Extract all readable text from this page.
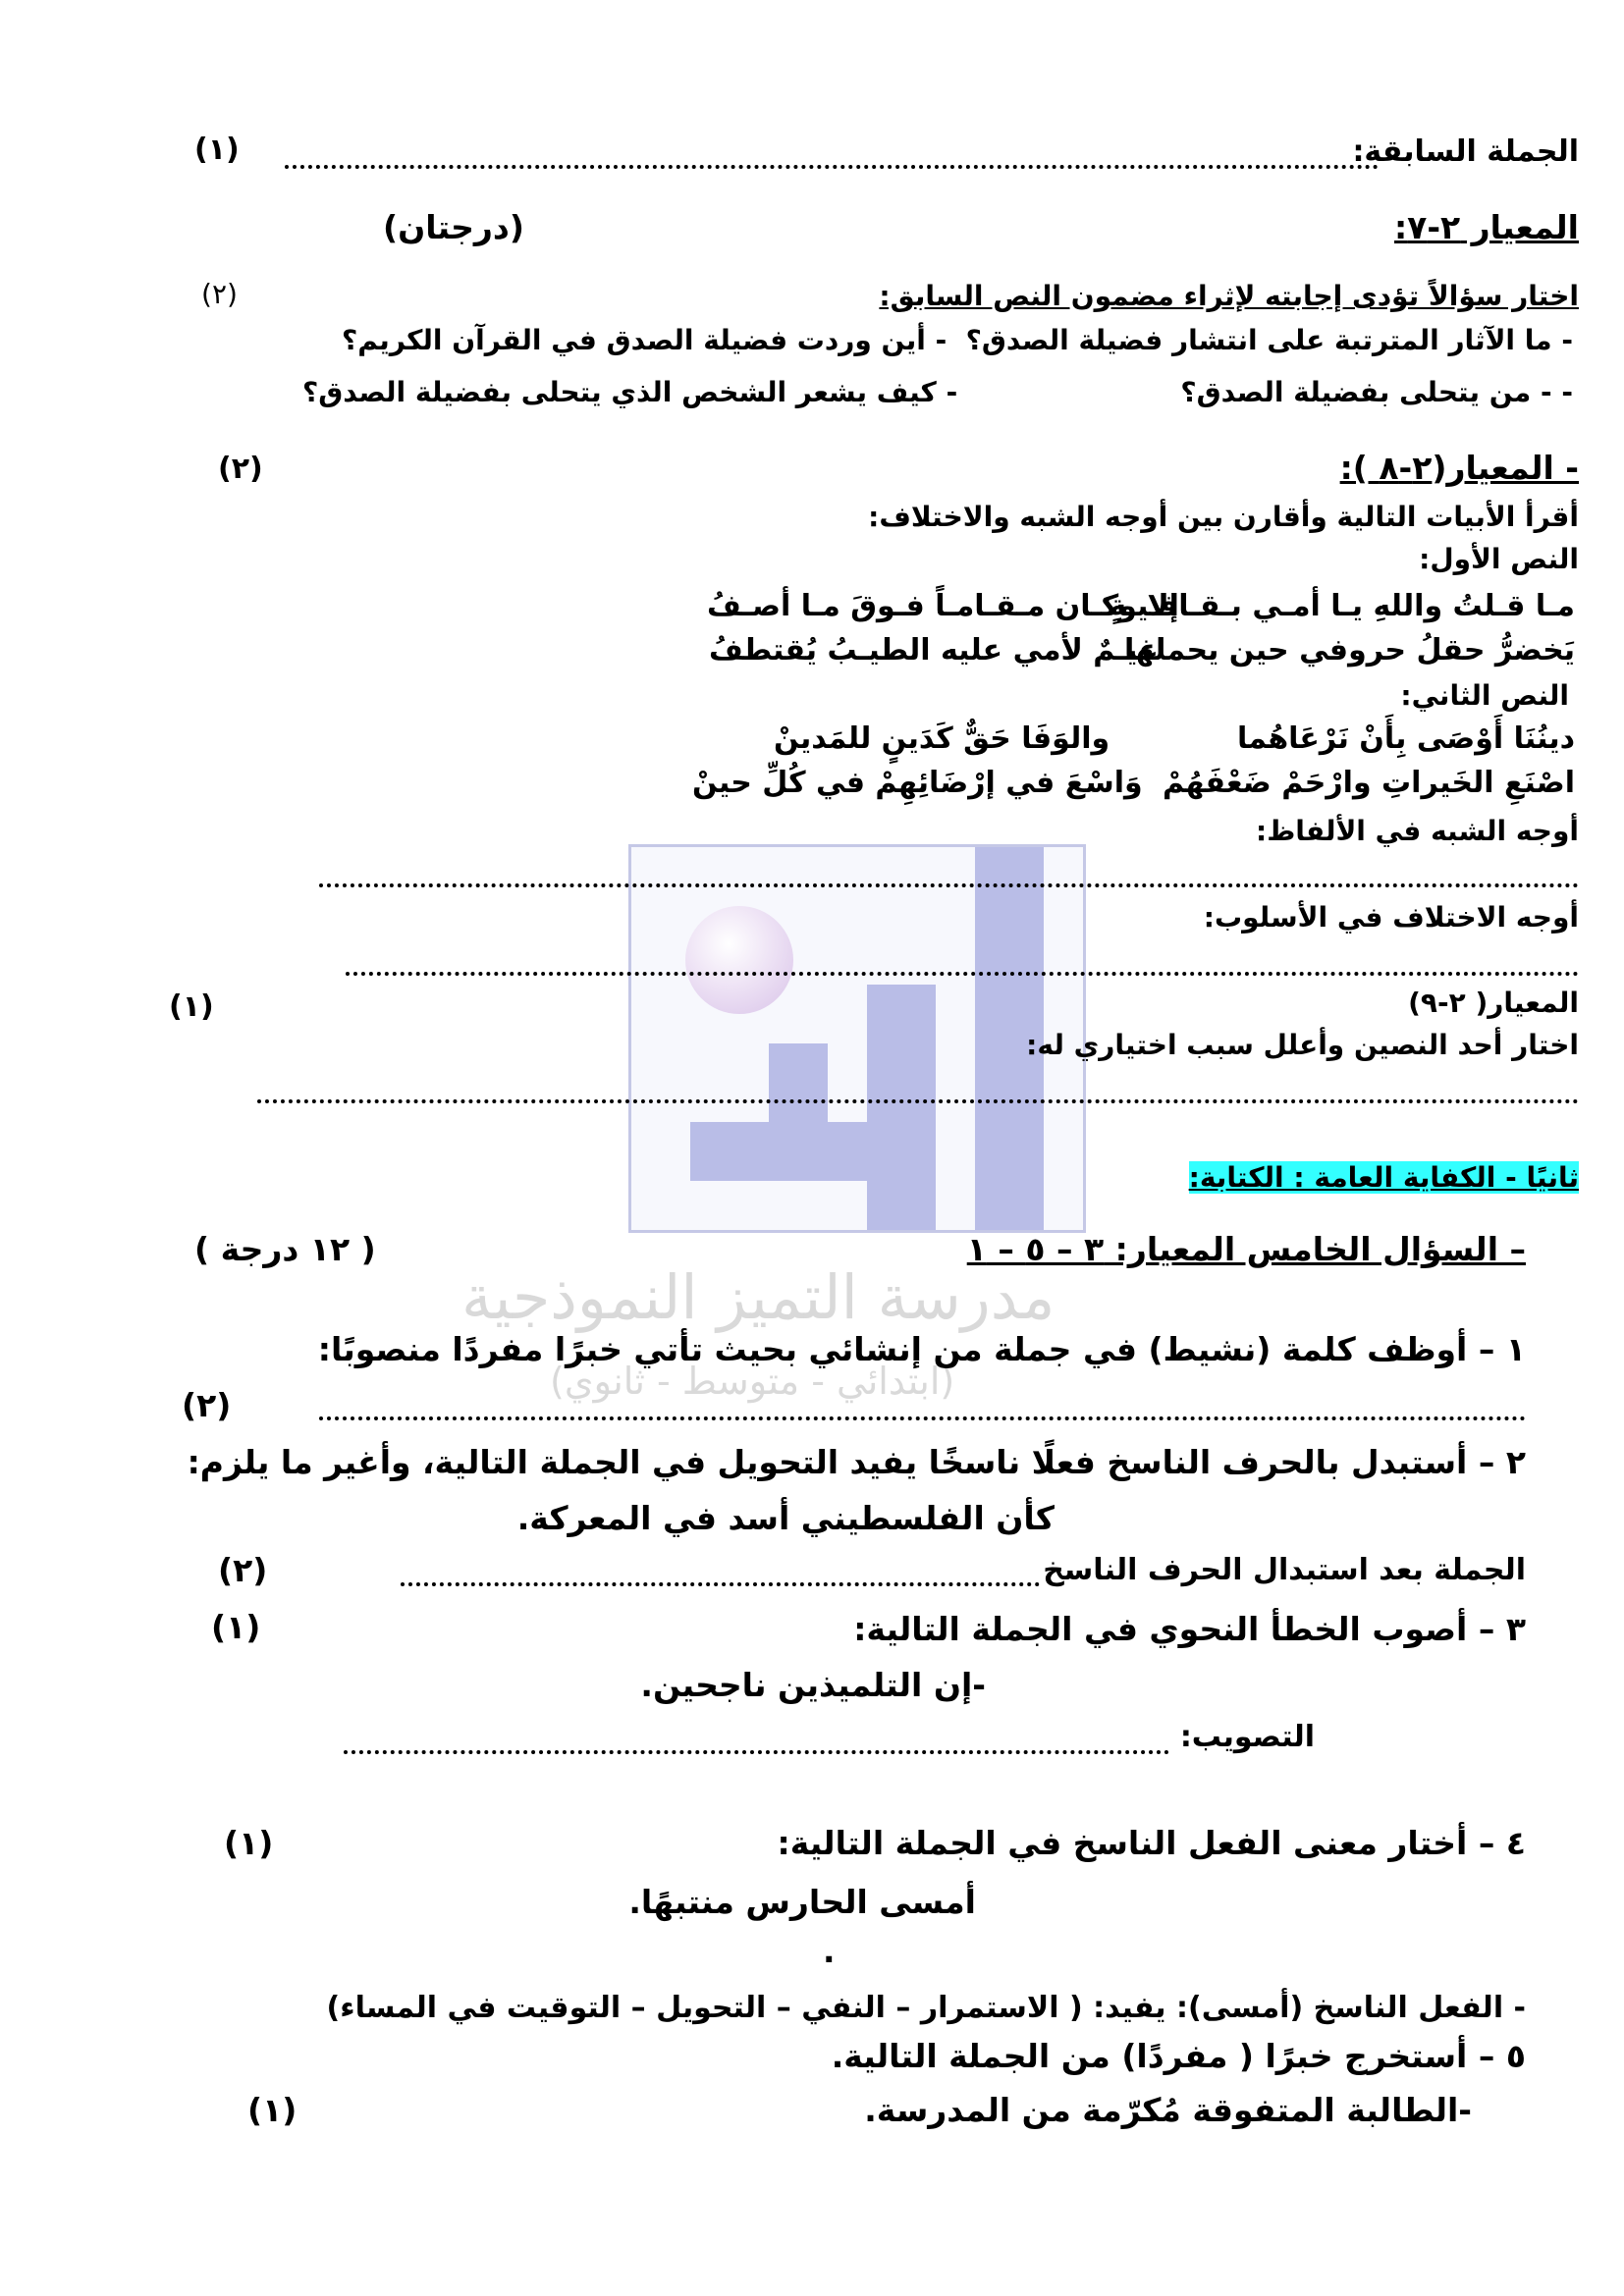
مدرسة التميز النموذجية
(ابتدائي - متوسط - ثانوي)
الجملة السابقة:
(١)
المعيار ٢-٧:
(درجتان)
اختار سؤالاً تؤدى إجابته لإثراء مضمون النص السابق:
(٢)
- ما الآثار المترتبة على انتشار فضيلة الصدق؟
- أين وردت فضيلة الصدق في القرآن الكريم؟
- - من يتحلى بفضيلة الصدق؟
- كيف يشعر الشخص الذي يتحلى بفضيلة الصدق؟
- المعيار(٢-٨ ):
(٢)
أقرأ الأبيات التالية وأقارن بين أوجه الشبه والاختلاف:
النص الأول:
مـا قـلتُ واللهِ يـا أمـي بـقـافـيـةٍ
إلا وكـان مـقـامـاً فـوقَ مـا أصـفُ
يَخضرُّ حقلُ حروفي حين يحملها
غيـمٌ لأمي عليه الطيـبُ يُقتطفُ
النص الثاني:
دينُنَا أَوْصَى بِأَنْ نَرْعَاهُما
والوَفَا حَقٌّ كَدَينٍ للمَدينْ
اصْنَعِ الخَيراتِ وارْحَمْ ضَعْفَهُمْ
وَاسْعَ في إرْضَائِهِمْ في كُلِّ حينْ
أوجه الشبه في الألفاظ:
أوجه الاختلاف في الأسلوب:
المعيار( ٢-٩)
(١)
اختار أحد النصين وأعلل سبب اختياري له:
ثانيًا - الكفاية العامة : الكتابة:
– السؤال الخامس المعيار: ٣ – ٥ – ١
( ١٢ درجة )
١ – أوظف كلمة (نشيط) في جملة من إنشائي بحيث تأتي خبرًا مفردًا منصوبًا:
(٢)
٢ – أستبدل بالحرف الناسخ فعلًا ناسخًا يفيد التحويل في الجملة التالية، وأغير ما يلزم:
كأن الفلسطيني أسد في المعركة.
الجملة بعد استبدال الحرف الناسخ
(٢)
٣ – أصوب الخطأ النحوي في الجملة التالية:
(١)
-إن التلميذين ناجحين.
التصويب:
٤ – أختار معنى الفعل الناسخ في الجملة التالية:
(١)
أمسى الحارس منتبهًا.
.
- الفعل الناسخ (أمسى): يفيد: ( الاستمرار – النفي – التحويل – التوقيت في المساء)
٥ – أستخرج خبرًا ( مفردًا) من الجملة التالية.
-الطالبة المتفوقة مُكرّمة من المدرسة.
(١)
